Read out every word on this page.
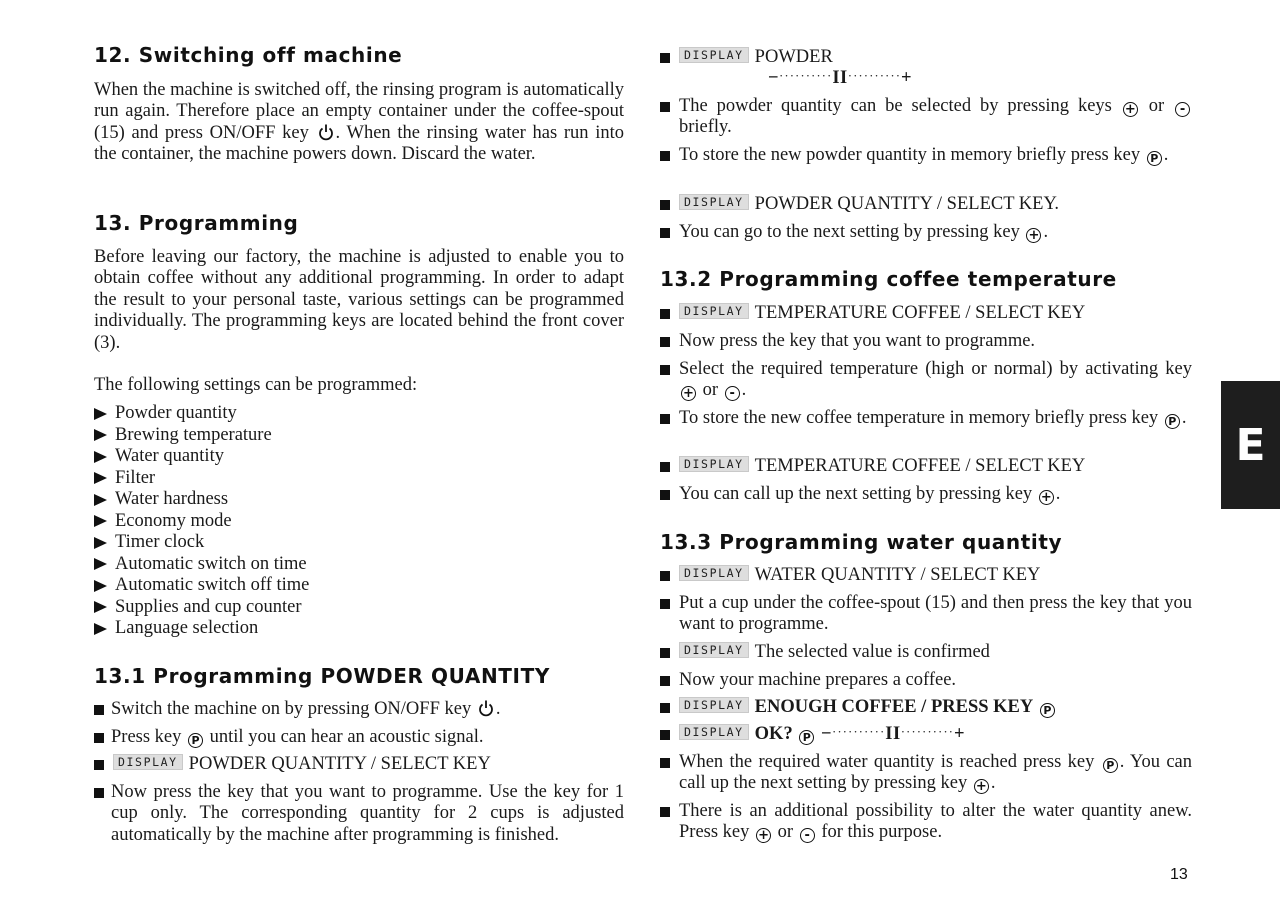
12. Switching off machine

When the machine is switched off, the rinsing program is automatically run again. Therefore place an empty container under the coffee-spout (15) and press ON/OFF key . When the rinsing water has run into the container, the machine powers down. Discard the water.

13. Programming

Before leaving our factory, the machine is adjusted to enable you to obtain coffee without any additional programming. In order to adapt the result to your personal taste, various settings can be programmed individually. The programming keys are located behind the front cover (3).

The following settings can be programmed:

Powder quantity
Brewing temperature
Water quantity
Filter
Water hardness
Economy mode
Timer clock
Automatic switch on time
Automatic switch off time
Supplies and cup counter
Language selection
13.1 Programming POWDER QUANTITY
Switch the machine on by pressing ON/OFF key .
Press key P until you can hear an acoustic signal.
DISPLAY POWDER QUANTITY / SELECT KEY
Now press the key that you want to programme. Use the key for 1 cup only. The corresponding quantity for 2 cups is adjusted automatically by the machine after programming is finished.
DISPLAY POWDER
−··········II··········+
The powder quantity can be selected by pressing keys + or - briefly.
To store the new powder quantity in memory briefly press key P .
DISPLAY POWDER QUANTITY / SELECT KEY.
You can go to the next setting by pressing key + .
13.2 Programming coffee temperature
DISPLAY TEMPERATURE COFFEE / SELECT KEY
Now press the key that you want to programme.
Select the required temperature (high or normal) by activating key + or - .
To store the new coffee temperature in memory briefly press key P .
DISPLAY TEMPERATURE COFFEE / SELECT KEY
You can call up the next setting by pressing key + .
13.3 Programming water quantity
DISPLAY WATER QUANTITY / SELECT KEY
Put a cup under the coffee-spout (15) and then press the key that you want to programme.
DISPLAY The selected value is confirmed
Now your machine prepares a coffee.
DISPLAY ENOUGH COFFEE / PRESS KEY P
DISPLAY OK? P −··········II··········+
When the required water quantity is reached press key P . You can call up the next setting by pressing key + .
There is an additional possibility to alter the water quantity anew. Press key + or - for this purpose.
E
13
